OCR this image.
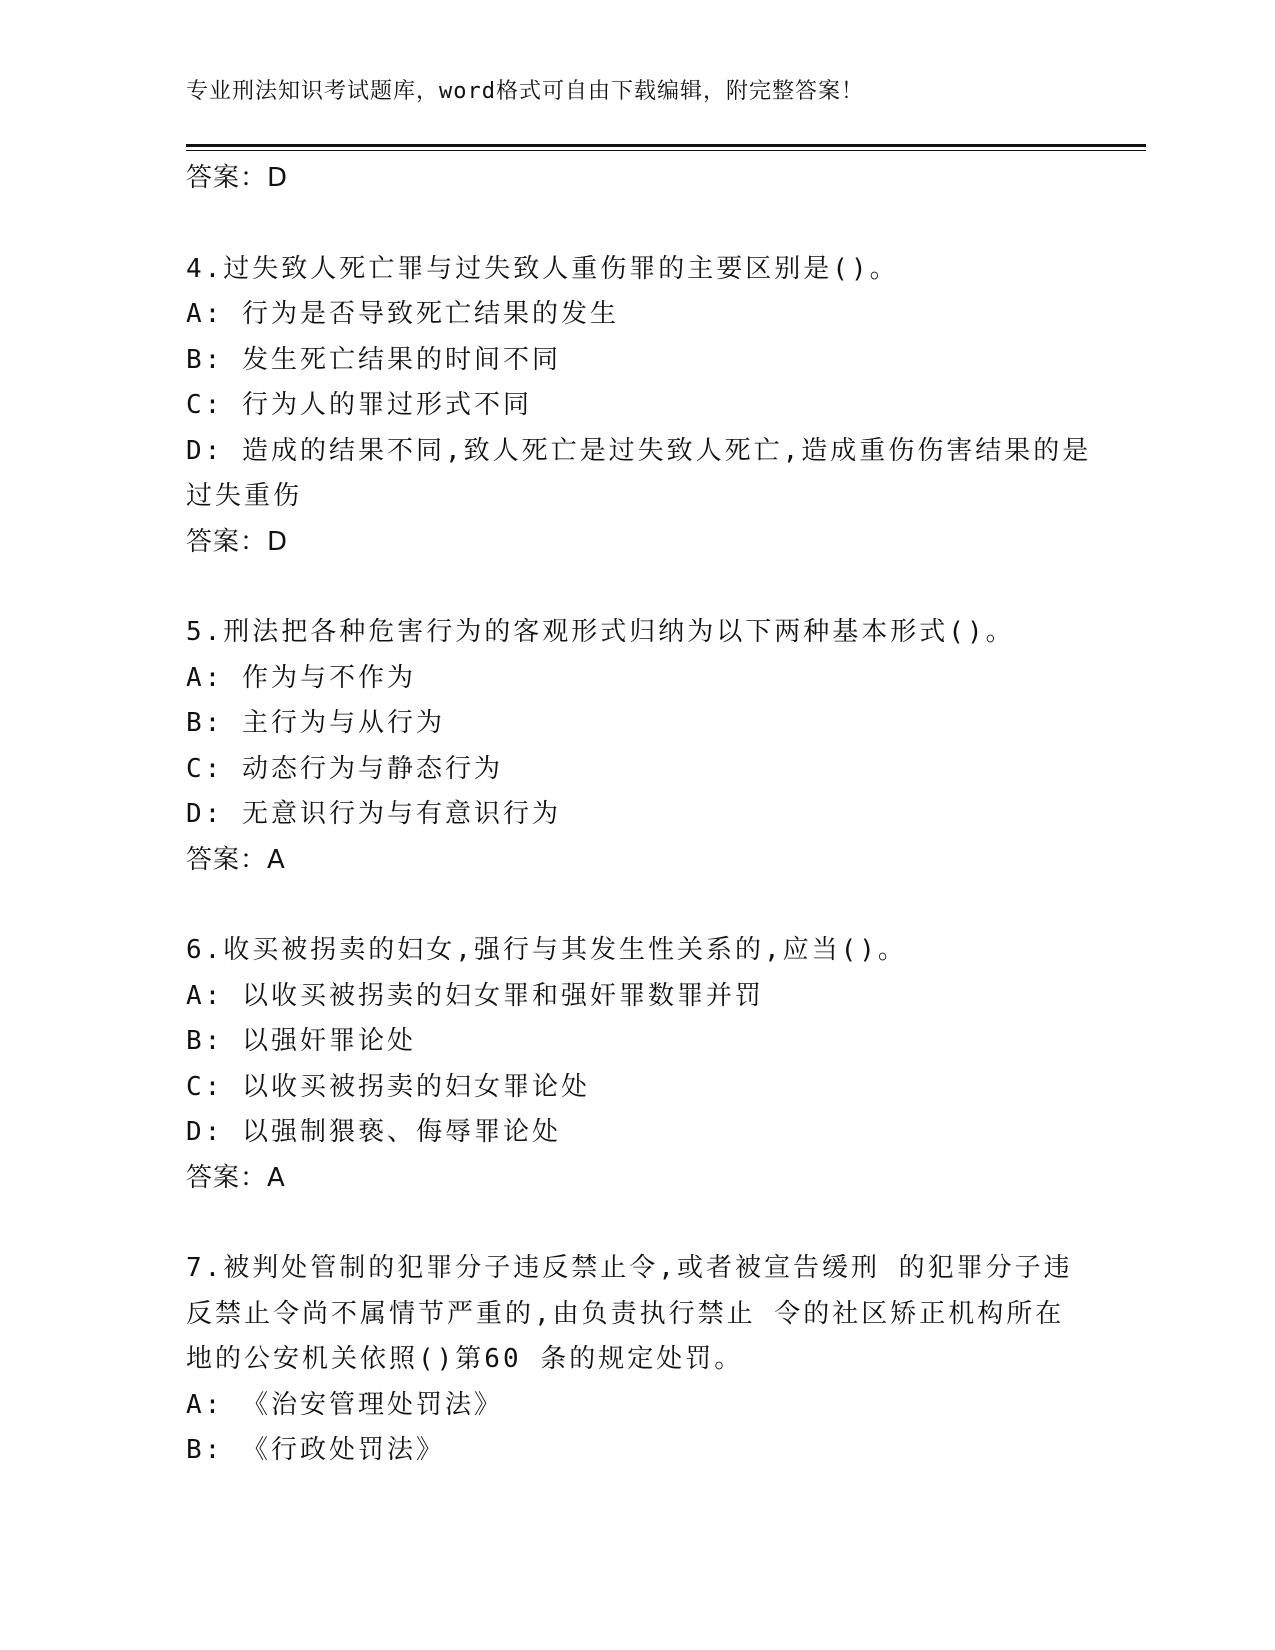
专业刑法知识考试题库，word格式可自由下载编辑，附完整答案！
答案：D
4.过失致人死亡罪与过失致人重伤罪的主要区别是()。
A: 行为是否导致死亡结果的发生
B: 发生死亡结果的时间不同
C: 行为人的罪过形式不同
D: 造成的结果不同,致人死亡是过失致人死亡,造成重伤伤害结果的是
过失重伤
答案：D
5.刑法把各种危害行为的客观形式归纳为以下两种基本形式()。
A: 作为与不作为
B: 主行为与从行为
C: 动态行为与静态行为
D: 无意识行为与有意识行为
答案：A
6.收买被拐卖的妇女,强行与其发生性关系的,应当()。
A: 以收买被拐卖的妇女罪和强奸罪数罪并罚
B: 以强奸罪论处
C: 以收买被拐卖的妇女罪论处
D: 以强制猥亵、侮辱罪论处
答案：A
7.被判处管制的犯罪分子违反禁止令,或者被宣告缓刑 的犯罪分子违
反禁止令尚不属情节严重的,由负责执行禁止 令的社区矫正机构所在
地的公安机关依照()第60 条的规定处罚。
A: 《治安管理处罚法》
B: 《行政处罚法》
